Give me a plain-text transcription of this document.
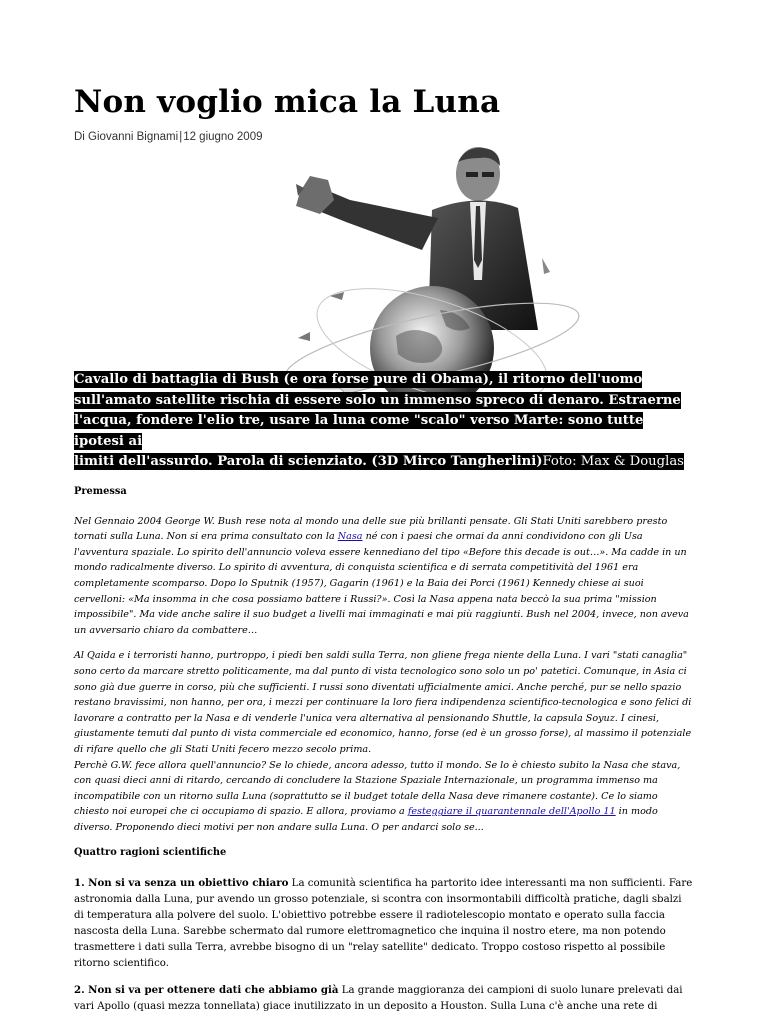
Non voglio mica la Luna
Di Giovanni Bignami|12 giugno 2009
Cavallo di battaglia di Bush (e ora forse pure di Obama), il ritorno dell'uomo
sull'amato satellite rischia di essere solo un immenso spreco di denaro. Estraerne
l'acqua, fondere l'elio tre, usare la luna come "scalo" verso Marte: sono tutte ipotesi ai
limiti dell'assurdo. Parola di scienziato. (3D Mirco Tangherlini)Foto: Max & Douglas

Premessa

Nel Gennaio 2004 George W. Bush rese nota al mondo una delle sue più brillanti pensate. Gli Stati Uniti sarebbero presto tornati sulla Luna. Non si era prima consultato con la Nasa né con i paesi che ormai da anni condividono con gli Usa l'avventura spaziale. Lo spirito dell'annuncio voleva essere kennediano del tipo «Before this decade is out…». Ma cadde in un mondo radicalmente diverso. Lo spirito di avventura, di conquista scientifica e di serrata competitività del 1961 era completamente scomparso. Dopo lo Sputnik (1957), Gagarin (1961) e la Baia dei Porci (1961) Kennedy chiese ai suoi cervelloni: «Ma insomma in che cosa possiamo battere i Russi?». Così la Nasa appena nata beccò la sua prima "mission impossibile". Ma vide anche salire il suo budget a livelli mai immaginati e mai più raggiunti. Bush nel 2004, invece, non aveva un avversario chiaro da combattere…

Al Qaida e i terroristi hanno, purtroppo, i piedi ben saldi sulla Terra, non gliene frega niente della Luna. I vari "stati canaglia" sono certo da marcare stretto politicamente, ma dal punto di vista tecnologico sono solo un po' patetici. Comunque, in Asia ci sono già due guerre in corso, più che sufficienti. I russi sono diventati ufficialmente amici. Anche perché, pur se nello spazio restano bravissimi, non hanno, per ora, i mezzi per continuare la loro fiera indipendenza scientifico-tecnologica e sono felici di lavorare a contratto per la Nasa e di venderle l'unica vera alternativa al pensionando Shuttle, la capsula Soyuz. I cinesi, giustamente temuti dal punto di vista commerciale ed economico, hanno, forse (ed è un grosso forse), al massimo il potenziale di rifare quello che gli Stati Uniti fecero mezzo secolo prima.

Perchè G.W. fece allora quell'annuncio? Se lo chiede, ancora adesso, tutto il mondo. Se lo è chiesto subito la Nasa che stava, con quasi dieci anni di ritardo, cercando di concludere la Stazione Spaziale Internazionale, un programma immenso ma incompatibile con un ritorno sulla Luna (soprattutto se il budget totale della Nasa deve rimanere costante). Ce lo siamo chiesto noi europei che ci occupiamo di spazio. E allora, proviamo a festeggiare il quarantennale dell'Apollo 11 in modo diverso. Proponendo dieci motivi per non andare sulla Luna. O per andarci solo se...

Quattro ragioni scientifiche

1. Non si va senza un obiettivo chiaro La comunità scientifica ha partorito idee interessanti ma non sufficienti. Fare astronomia dalla Luna, pur avendo un grosso potenziale, si scontra con insormontabili difficoltà pratiche, dagli sbalzi di temperatura alla polvere del suolo. L'obiettivo potrebbe essere il radiotelescopio montato e operato sulla faccia nascosta della Luna. Sarebbe schermato dal rumore elettromagnetico che inquina il nostro etere, ma non potendo trasmettere i dati sulla Terra, avrebbe bisogno di un "relay satellite" dedicato. Troppo costoso rispetto al possibile ritorno scientifico.

2. Non si va per ottenere dati che abbiamo già La grande maggioranza dei campioni di suolo lunare prelevati dai vari Apollo (quasi mezza tonnellata) giace inutilizzato in un deposito a Houston. Sulla Luna c'è anche una rete di
